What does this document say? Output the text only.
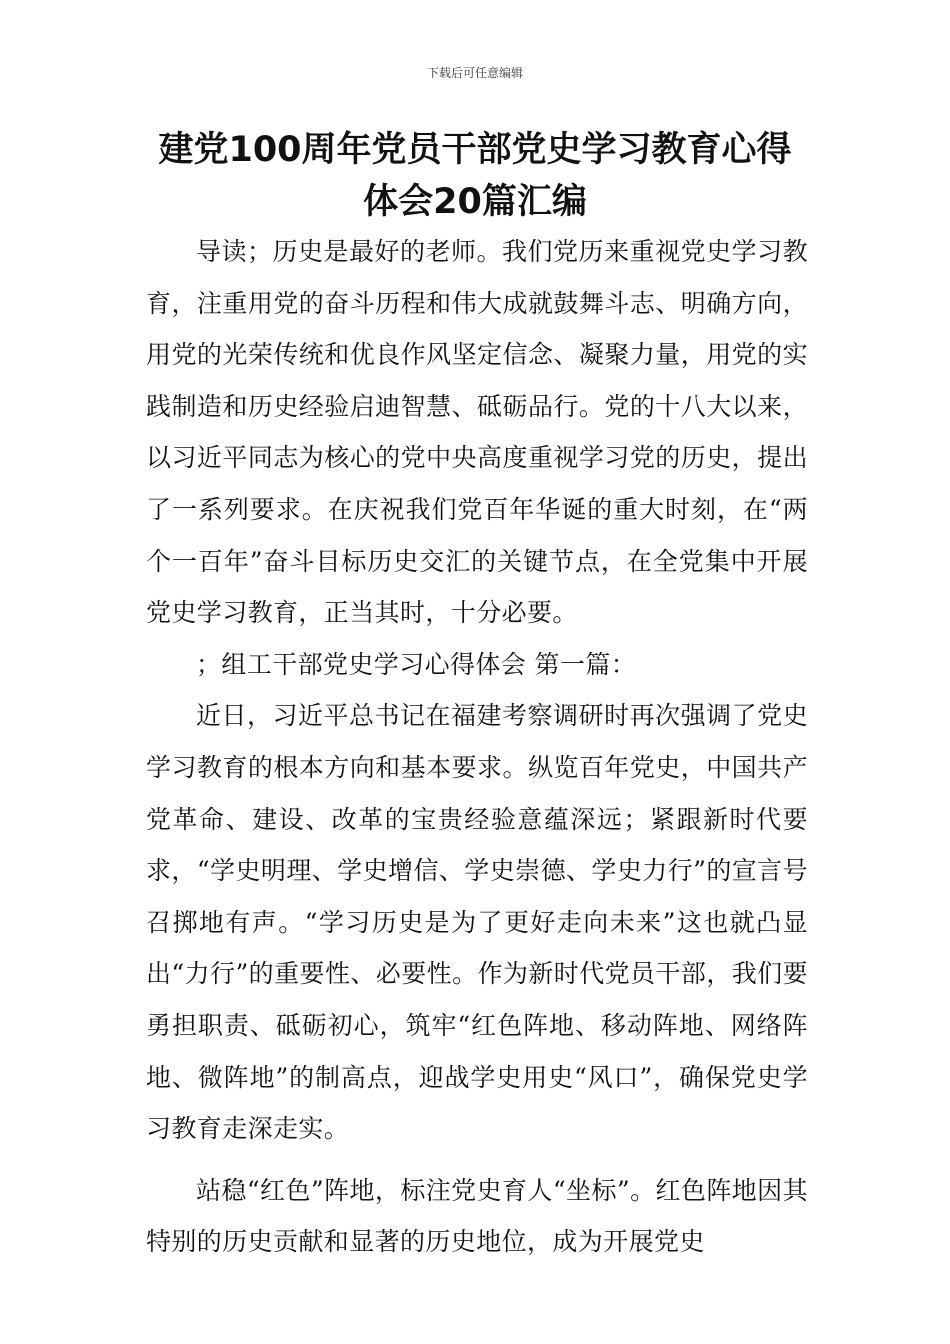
下载后可任意编辑
建党100周年党员干部党史学习教育心得
体会20篇汇编

导读；历史是最好的老师。我们党历来重视党史学习教育，注重用党的奋斗历程和伟大成就鼓舞斗志、明确方向，用党的光荣传统和优良作风坚定信念、凝聚力量，用党的实践制造和历史经验启迪智慧、砥砺品行。党的十八大以来，以习近平同志为核心的党中央高度重视学习党的历史，提出了一系列要求。在庆祝我们党百年华诞的重大时刻，在“两个一百年”奋斗目标历史交汇的关键节点，在全党集中开展党史学习教育，正当其时，十分必要。

；组工干部党史学习心得体会 第一篇：

近日，习近平总书记在福建考察调研时再次强调了党史学习教育的根本方向和基本要求。纵览百年党史，中国共产党革命、建设、改革的宝贵经验意蕴深远；紧跟新时代要求，“学史明理、学史增信、学史崇德、学史力行”的宣言号召掷地有声。“学习历史是为了更好走向未来”这也就凸显出“力行”的重要性、必要性。作为新时代党员干部，我们要勇担职责、砥砺初心，筑牢“红色阵地、移动阵地、网络阵地、微阵地”的制高点，迎战学史用史“风口”，确保党史学习教育走深走实。

站稳“红色”阵地，标注党史育人“坐标”。红色阵地因其特别的历史贡献和显著的历史地位，成为开展党史
